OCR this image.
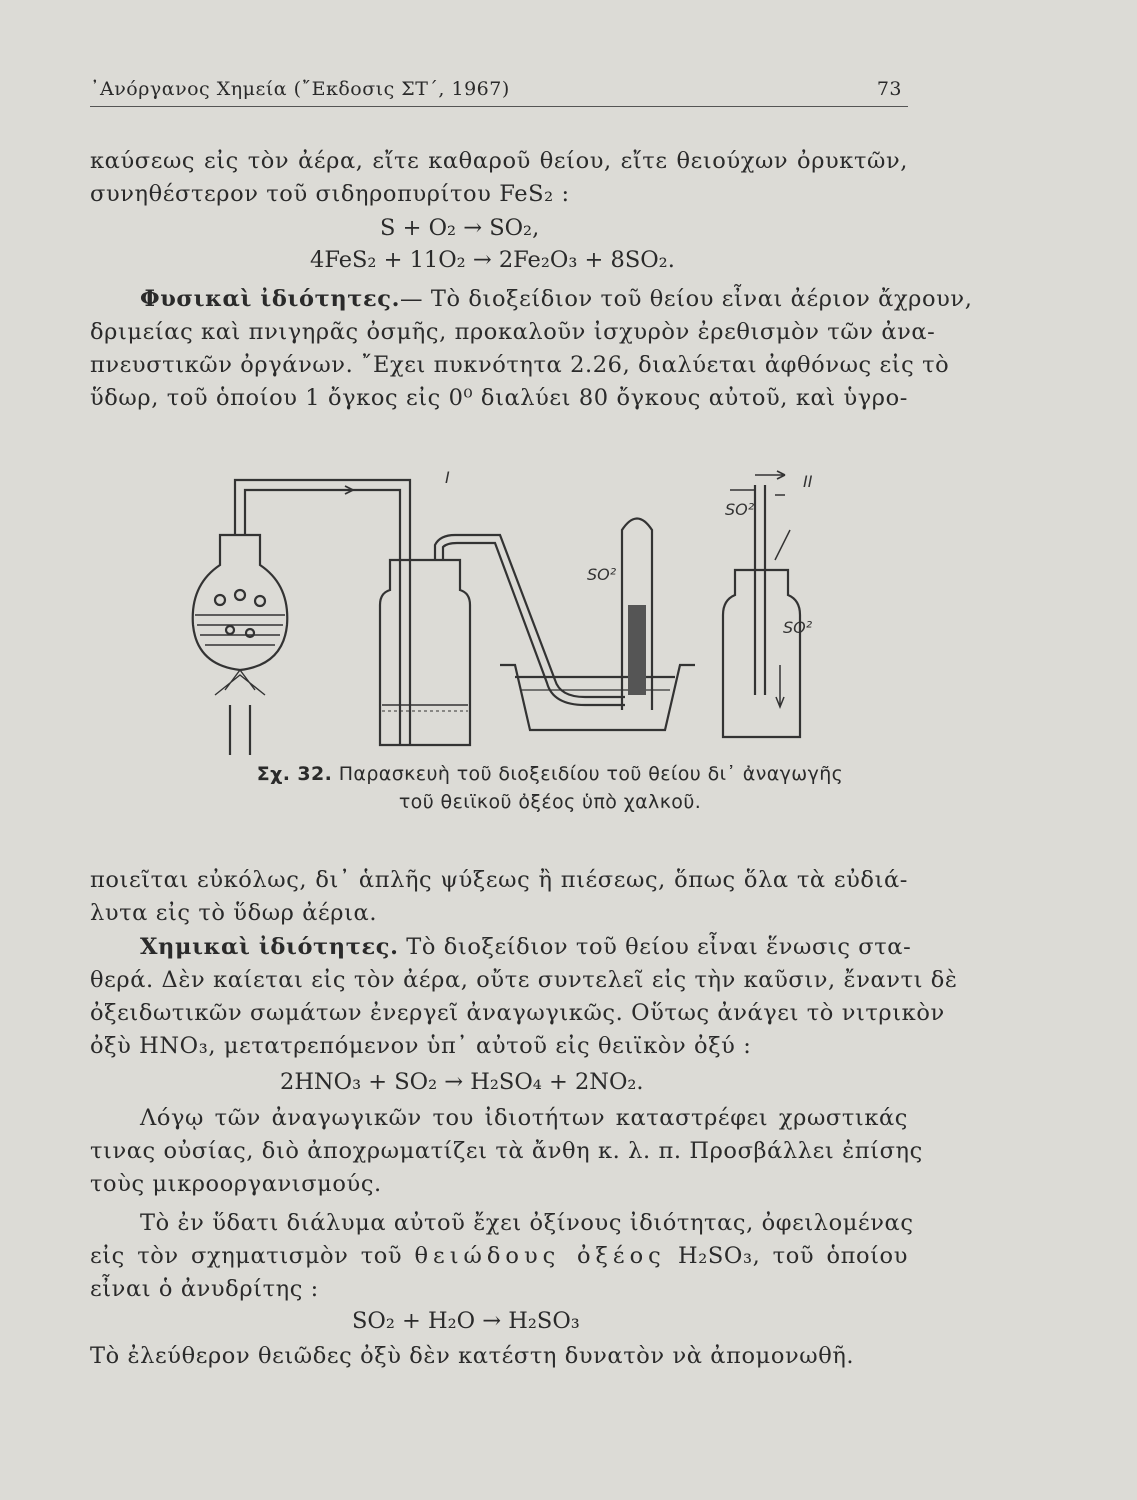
᾿Ανόργανος Χημεία (῎Εκδοσις ΣΤ΄, 1967)	73
καύσεως εἰς τὸν ἀέρα, εἴτε καθαροῦ θείου, εἴτε θειούχων ὀρυκτῶν,
συνηθέστερον τοῦ σιδηροπυρίτου FeS₂ :
S + O₂ → SO₂,
4FeS₂ + 11O₂ → 2Fe₂O₃ + 8SO₂.
Φυσικαὶ ἰδιότητες.— Τὸ διοξείδιον τοῦ θείου εἶναι ἀέριον ἄχρουν,
δριμείας καὶ πνιγηρᾶς ὀσμῆς, προκαλοῦν ἰσχυρὸν ἐρεθισμὸν τῶν ἀνα-
πνευστικῶν ὀργάνων. ῎Εχει πυκνότητα 2.26, διαλύεται ἀφθόνως εἰς τὸ
ὕδωρ, τοῦ ὁποίου 1 ὄγκος εἰς 0⁰ διαλύει 80 ὄγκους αὐτοῦ, καὶ ὑγρο-
I	II
SO²
SO²
SO²
Σχ. 32. Παρασκευὴ τοῦ διοξειδίου τοῦ θείου δι᾿ ἀναγωγῆς
τοῦ θειϊκοῦ ὀξέος ὑπὸ χαλκοῦ.
ποιεῖται εὐκόλως, δι᾿ ἁπλῆς ψύξεως ἢ πιέσεως, ὅπως ὅλα τὰ εὐδιά-
λυτα εἰς τὸ ὕδωρ ἀέρια.
Χημικαὶ ἰδιότητες. Τὸ διοξείδιον τοῦ θείου εἶναι ἕνωσις στα-
θερά. Δὲν καίεται εἰς τὸν ἀέρα, οὔτε συντελεῖ εἰς τὴν καῦσιν, ἔναντι δὲ
ὀξειδωτικῶν σωμάτων ἐνεργεῖ ἀναγωγικῶς. Οὕτως ἀνάγει τὸ νιτρικὸν
ὀξὺ HNO₃, μετατρεπόμενον ὑπ᾿ αὐτοῦ εἰς θειϊκὸν ὀξύ :
2HNO₃ + SO₂ → H₂SO₄ + 2NO₂.
Λόγῳ τῶν ἀναγωγικῶν του ἰδιοτήτων καταστρέφει χρωστικάς
τινας οὐσίας, διὸ ἀποχρωματίζει τὰ ἄνθη κ. λ. π. Προσβάλλει ἐπίσης
τοὺς μικροοργανισμούς.
Τὸ ἐν ὕδατι διάλυμα αὐτοῦ ἔχει ὀξίνους ἰδιότητας, ὀφειλομένας
εἰς τὸν σχηματισμὸν τοῦ θειώδους ὀξέος H₂SO₃, τοῦ ὁποίου
εἶναι ὁ ἀνυδρίτης :
SO₂ + H₂O → H₂SO₃
Τὸ ἐλεύθερον θειῶδες ὀξὺ δὲν κατέστη δυνατὸν νὰ ἀπομονωθῆ.
